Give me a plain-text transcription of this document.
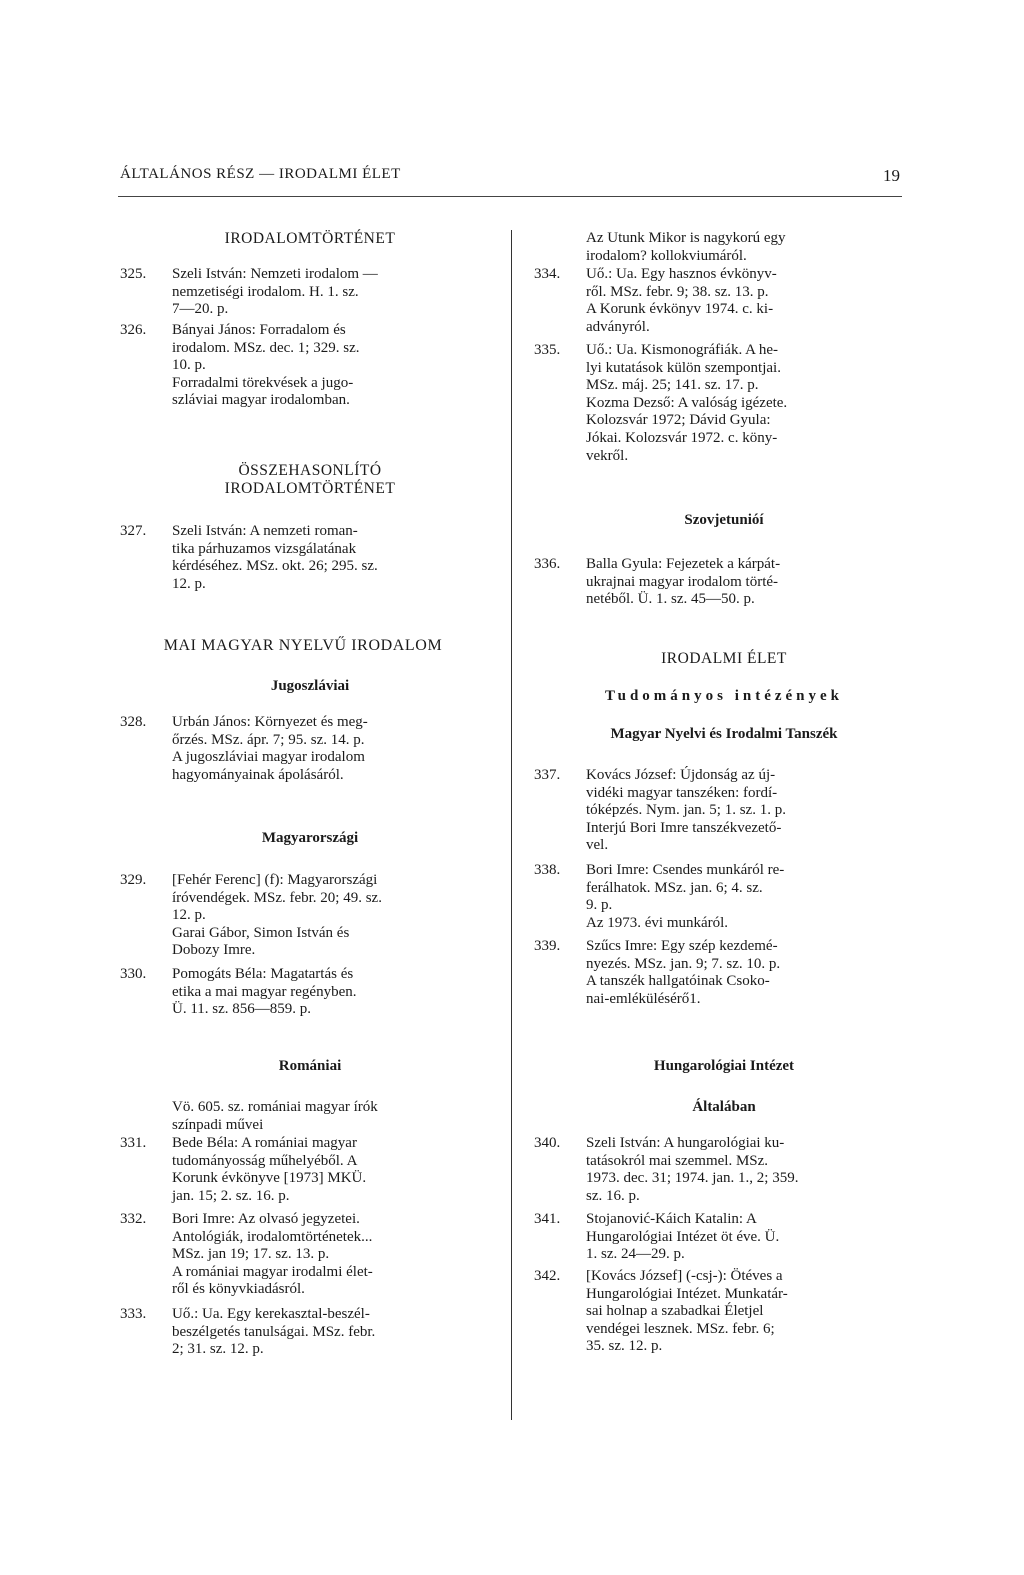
ÁLTALÁNOS RÉSZ — IRODALMI ÉLET	19
IRODALOMTÖRTÉNET
325.	Szeli István: Nemzeti irodalom —
nemzetiségi irodalom. H. 1. sz.
7—20. p.
326.	Bányai János: Forradalom és
irodalom. MSz. dec. 1; 329. sz.
10. p.
Forradalmi törekvések a jugo-
szláviai magyar irodalomban.
ÖSSZEHASONLÍTÓ
IRODALOMTÖRTÉNET
327.	Szeli István: A nemzeti roman-
tika párhuzamos vizsgálatának
kérdéséhez. MSz. okt. 26; 295. sz.
12. p.
MAI MAGYAR NYELVŰ IRODALOM
Jugoszláviai
328.	Urbán János: Környezet és meg-
őrzés. MSz. ápr. 7; 95. sz. 14. p.
A jugoszláviai magyar irodalom
hagyományainak ápolásáról.
Magyarországi
329.	[Fehér Ferenc] (f): Magyarországi
íróvendégek. MSz. febr. 20; 49. sz.
12. p.
Garai Gábor, Simon István és
Dobozy Imre.
330.	Pomogáts Béla: Magatartás és
etika a mai magyar regényben.
Ü. 11. sz. 856—859. p.
Romániai
Vö. 605. sz. romániai magyar írók
színpadi művei
331.	Bede Béla: A romániai magyar
tudományosság műhelyéből. A
Korunk évkönyve [1973] MKÜ.
jan. 15; 2. sz. 16. p.
332.	Bori Imre: Az olvasó jegyzetei.
Antológiák, irodalomtörténetek...
MSz. jan 19; 17. sz. 13. p.
A romániai magyar irodalmi élet-
ről és könyvkiadásról.
333.	Uő.: Ua. Egy kerekasztal-beszél-
beszélgetés tanulságai. MSz. febr.
2; 31. sz. 12. p.
Az Utunk Mikor is nagykorú egy
irodalom? kollokviumáról.
334.	Uő.: Ua. Egy hasznos évkönyv-
ről. MSz. febr. 9; 38. sz. 13. p.
A Korunk évkönyv 1974. c. ki-
adványról.
335.	Uő.: Ua. Kismonográfiák. A he-
lyi kutatások külön szempontjai.
MSz. máj. 25; 141. sz. 17. p.
Kozma Dezső: A valóság igézete.
Kolozsvár 1972; Dávid Gyula:
Jókai. Kolozsvár 1972. c. köny-
vekről.
Szovjetunióí
336.	Balla Gyula: Fejezetek a kárpát-
ukrajnai magyar irodalom törté-
netéből. Ü. 1. sz. 45—50. p.
IRODALMI ÉLET
Tudományos intézények
Magyar Nyelvi és Irodalmi Tanszék
337.	Kovács József: Újdonság az új-
vidéki magyar tanszéken: fordí-
tóképzés. Nym. jan. 5; 1. sz. 1. p.
Interjú Bori Imre tanszékvezető-
vel.
338.	Bori Imre: Csendes munkáról re-
ferálhatok. MSz. jan. 6; 4. sz.
9. p.
Az 1973. évi munkáról.
339.	Szűcs Imre: Egy szép kezdemé-
nyezés. MSz. jan. 9; 7. sz. 10. p.
A tanszék hallgatóinak Csoko-
nai-emlékülésérő1.
Hungarológiai Intézet
Általában
340.	Szeli István: A hungarológiai ku-
tatásokról mai szemmel. MSz.
1973. dec. 31; 1974. jan. 1., 2; 359.
sz. 16. p.
341.	Stojanović-Káich Katalin: A
Hungarológiai Intézet öt éve. Ü.
1. sz. 24—29. p.
342.	[Kovács József] (-csj-): Ötéves a
Hungarológiai Intézet. Munkatár-
sai holnap a szabadkai Életjel
vendégei lesznek. MSz. febr. 6;
35. sz. 12. p.
